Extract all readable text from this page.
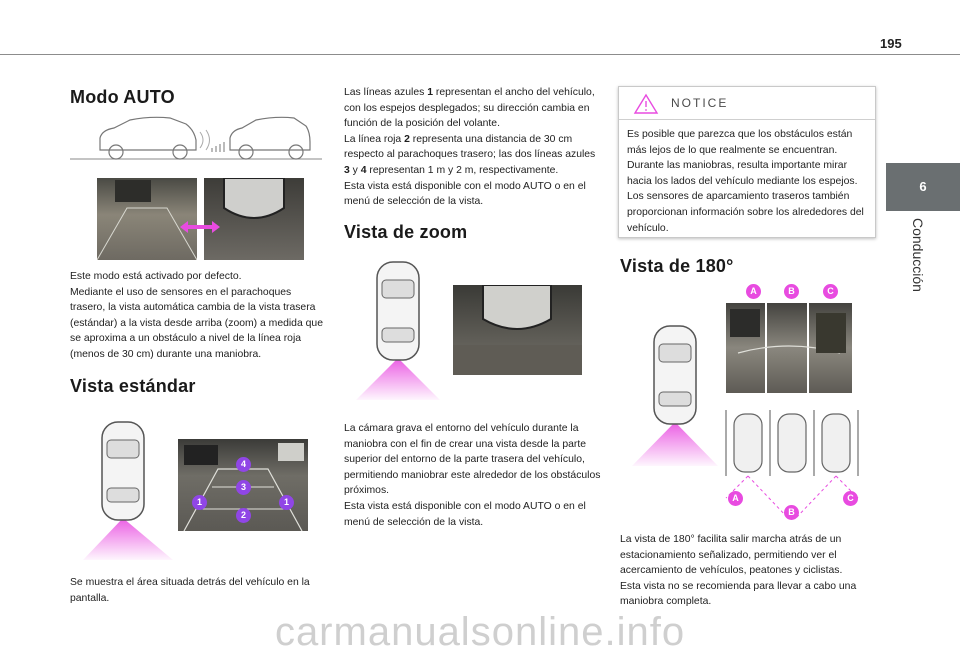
195
6
Conducción
Modo AUTO

Este modo está activado por defecto.

Mediante el uso de sensores en el parachoques trasero, la vista automática cambia de la vista trasera (estándar) a la vista desde arriba (zoom) a medida que se aproxima a un obstáculo a nivel de la línea roja (menos de 30 cm) durante una maniobra.

Vista estándar
4
3
1	1
2

Se muestra el área situada detrás del vehículo en la pantalla.

Las líneas azules 1 representan el ancho del vehículo, con los espejos desplegados; su dirección cambia en función de la posición del volante.

La línea roja 2 representa una distancia de 30 cm respecto al parachoques trasero; las dos líneas azules 3 y 4 representan 1 m y 2 m, respectivamente.

Esta vista está disponible con el modo AUTO o en el menú de selección de la vista.

Vista de zoom

La cámara grava el entorno del vehículo durante la maniobra con el fin de crear una vista desde la parte superior del entorno de la parte trasera del vehículo, permitiendo maniobrar este alrededor de los obstáculos próximos.

Esta vista está disponible con el modo AUTO o en el menú de selección de la vista.

NOTICE
Es posible que parezca que los obstáculos están más lejos de lo que realmente se encuentran. Durante las maniobras, resulta importante mirar hacia los lados del vehículo mediante los espejos. Los sensores de aparcamiento traseros también proporcionan información sobre los alrededores del vehículo.
Vista de 180°
A	B	C
A
B
C

La vista de 180° facilita salir marcha atrás de un estacionamiento señalizado, permitiendo ver el acercamiento de vehículos, peatones y ciclistas.

Esta vista no se recomienda para llevar a cabo una maniobra completa.

carmanualsonline.info
